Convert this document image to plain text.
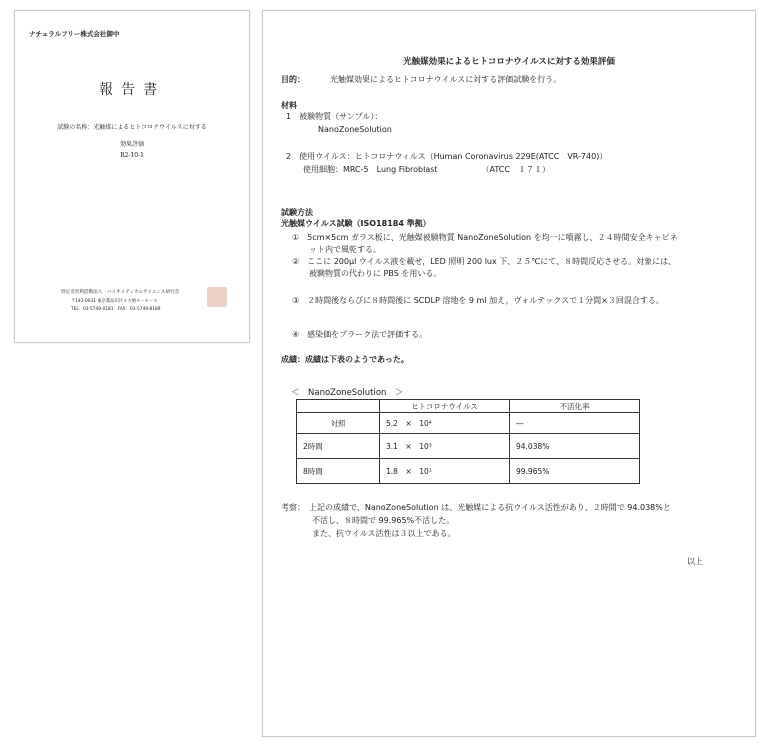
ナチュラルフリー株式会社御中
報告書
試験の名称：光触媒によるヒトコロナウイルスに対する
効果評価
R2-10-1
特定非営利活動法人　バイオメディカルサイエンス研究会
〒141-0031 東京都品川区＊大崎＊－＊－＊
TEL：03-5749-0181　FAX：03-5749-8189
光触媒効果によるヒトコロナウイルスに対する効果評価
目的：	光触媒効果によるヒトコロナウイルスに対する評価試験を行う。
材料
1　被験物質（サンプル）：
NanoZoneSolution
2　使用ウイルス：ヒトコロナウィルス（Human Coronavirus 229E(ATCC　VR-740)）
使用細胞：MRC-5　Lung Fibroblast　　　　　　（ATCC　１７１）
試験方法
光触媒ウイルス試験（ISO18184 準拠）
①　5cm×5cm ガラス板に、光触媒被験物質 NanoZoneSolution を均一に噴霧し、２４時間安全キャビネ
ット内で風乾する。
②　ここに 200μl ウイルス液を載せ，LED 照明 200 lux 下、２５℃にて、８時間反応させる。対象には、
被験物質の代わりに PBS を用いる。
③　２時間後ならびに８時間後に SCDLP 溶地を 9 ml 加え，ヴォルテックスで１分間×３回混合する。
④　感染価をプラーク法で評価する。
成績：成績は下表のようであった。
＜　NanoZoneSolution　＞
	ヒトコロナウイルス	不活化率
対照	5.2　×　10⁴	―
2時間	3.1　×　10³	94.038%
8時間	1.8　×　10¹	99.965%
考察：　上記の成績で、NanoZoneSolution は、光触媒による抗ウイルス活性があり、２時間で 94.038%と
不活し、８時間で 99.965%不活した。
また、抗ウイルス活性は３以上である。
以上
